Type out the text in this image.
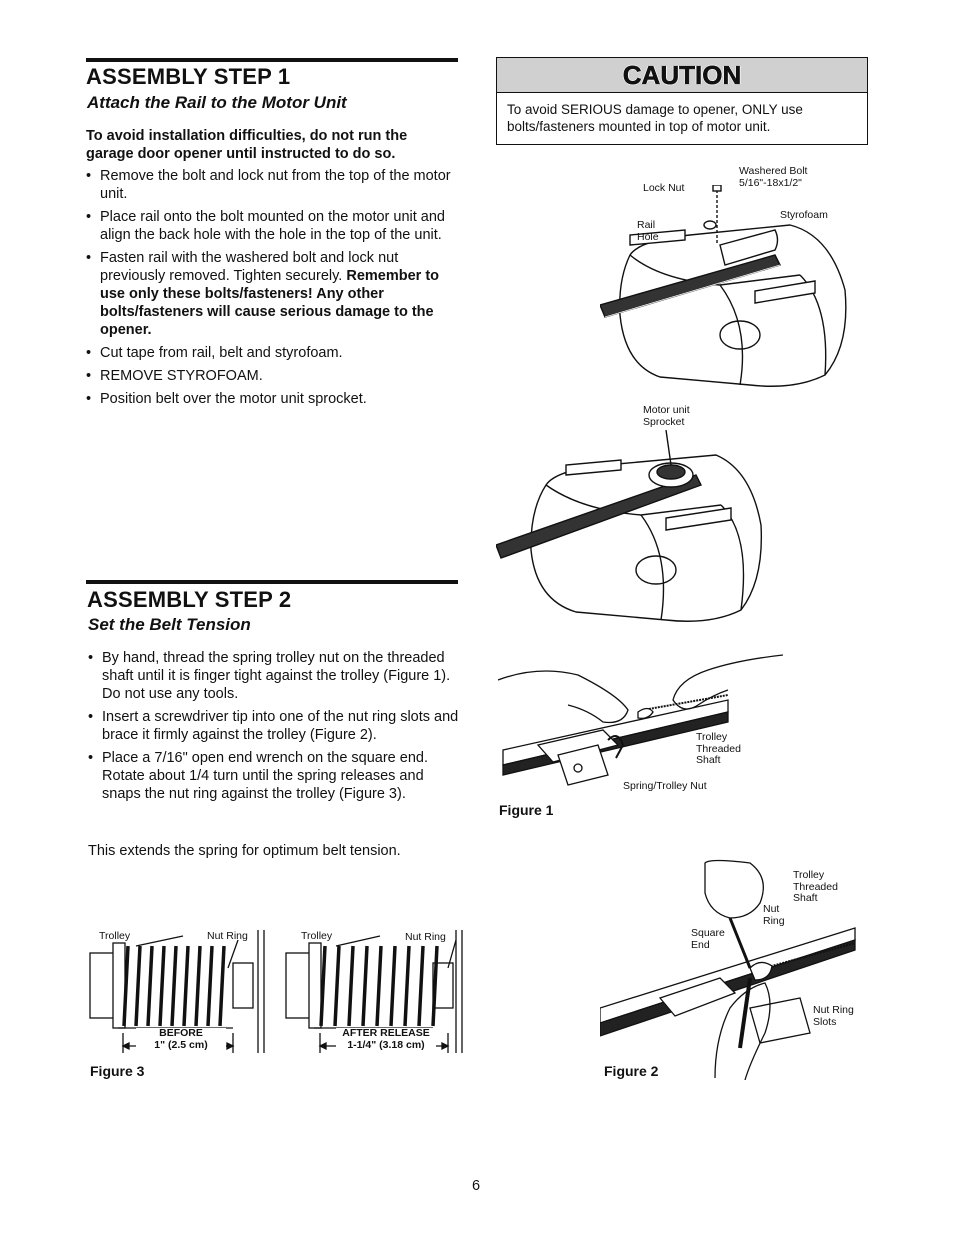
ASSEMBLY STEP 1
Attach the Rail to the Motor Unit
To avoid installation difficulties, do not run the garage door opener until instructed to do so.
• Remove the bolt and lock nut from the top of the motor unit.
• Place rail onto the bolt mounted on the motor unit and align the back hole with the hole in the top of the unit.
• Fasten rail with the washered bolt and lock nut previously removed. Tighten securely. Remember to use only these bolts/fasteners! Any other bolts/fasteners will cause serious damage to the opener.
• Cut tape from rail, belt and styrofoam.
• REMOVE STYROFOAM.
• Position belt over the motor unit sprocket.
CAUTION
To avoid SERIOUS damage to opener, ONLY use bolts/fasteners mounted in top of motor unit.
Washered Bolt
5/16"-18x1/2"
Lock Nut
Styrofoam
Rail
Hole
Motor unit
Sprocket
ASSEMBLY STEP 2
Set the Belt Tension
• By hand, thread the spring trolley nut on the threaded shaft until it is finger tight against the trolley (Figure 1). Do not use any tools.
• Insert a screwdriver tip into one of the nut ring slots and brace it firmly against the trolley (Figure 2).
• Place a 7/16" open end wrench on the square end. Rotate about 1/4 turn until the spring releases and snaps the nut ring against the trolley (Figure 3).
This extends the spring for optimum belt tension.
Trolley
Threaded
Shaft
Spring/Trolley Nut
Figure 1
Trolley	Nut Ring	Trolley	Nut Ring
BEFORE
1" (2.5 cm)
AFTER RELEASE
1-1/4" (3.18 cm)
Figure 3
Trolley
Threaded
Shaft
Nut
Ring
Square
End
Nut Ring
Slots
Figure 2
6
